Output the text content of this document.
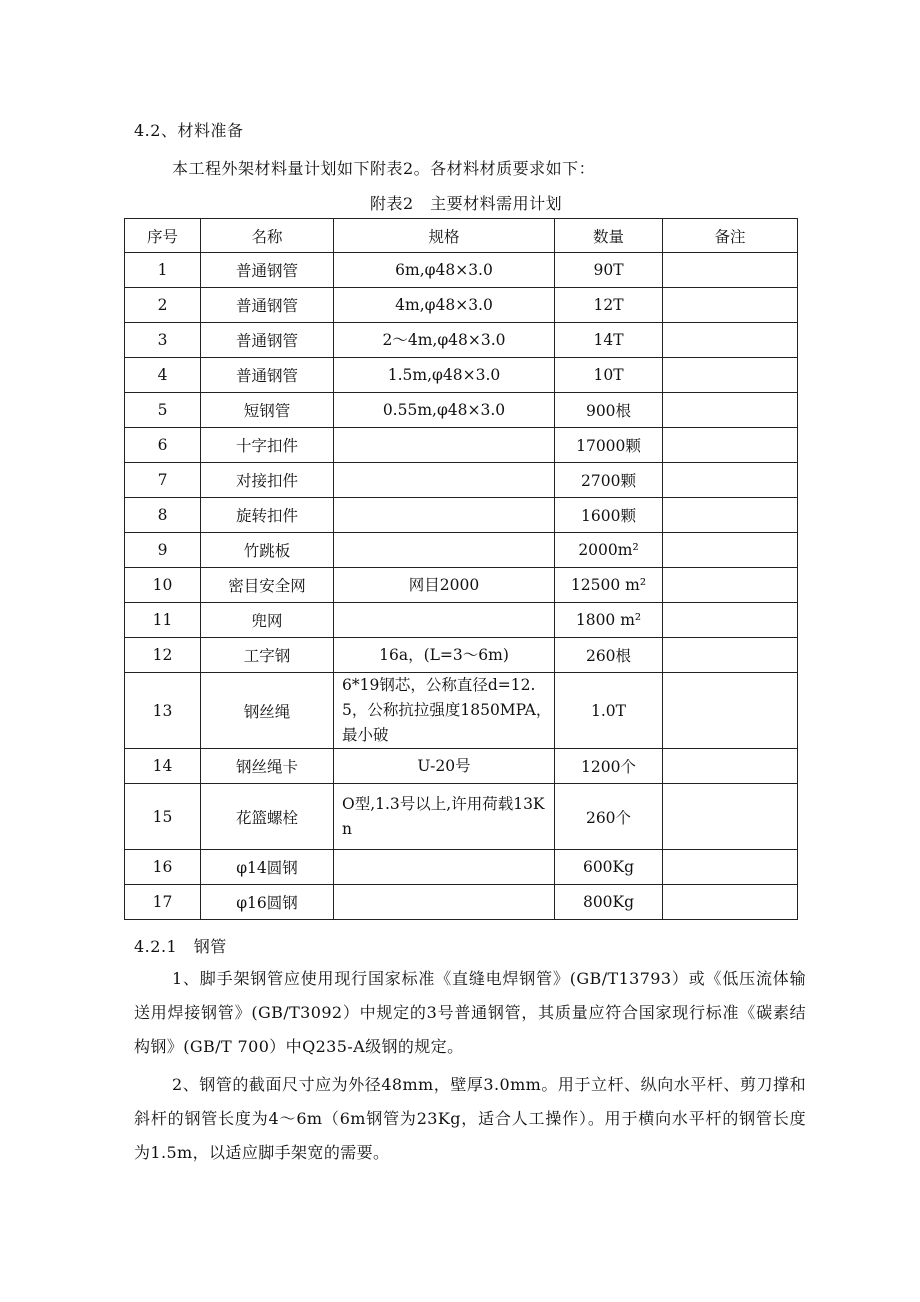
4.2、材料准备
本工程外架材料量计划如下附表2。各材料材质要求如下：
附表2　主要材料需用计划
序号	名称	规格	数量	备注
1	普通钢管	6m,φ48×3.0	90T	
2	普通钢管	4m,φ48×3.0	12T	
3	普通钢管	2～4m,φ48×3.0	14T	
4	普通钢管	1.5m,φ48×3.0	10T	
5	短钢管	0.55m,φ48×3.0	900根	
6	十字扣件		17000颗	
7	对接扣件		2700颗	
8	旋转扣件		1600颗	
9	竹跳板		2000m²	
10	密目安全网	网目2000	12500 m²	
11	兜网		1800 m²	
12	工字钢	16a，(L=3～6m)	260根	
13	钢丝绳	6*19钢芯，公称直径d=12.5，公称抗拉强度1850MPA，最小破	1.0T	
14	钢丝绳卡	U-20号	1200个	
15	花篮螺栓	O型,1.3号以上,许用荷载13Kn	260个	
16	φ14圆钢		600Kg	
17	φ16圆钢		800Kg	
4.2.1　钢管
1、脚手架钢管应使用现行国家标准《直缝电焊钢管》(GB/T13793）或《低压流体输送用焊接钢管》(GB/T3092）中规定的3号普通钢管，其质量应符合国家现行标准《碳素结构钢》(GB/T 700）中Q235-A级钢的规定。
2、钢管的截面尺寸应为外径48mm，壁厚3.0mm。用于立杆、纵向水平杆、剪刀撑和斜杆的钢管长度为4～6m（6m钢管为23Kg，适合人工操作）。用于横向水平杆的钢管长度为1.5m，以适应脚手架宽的需要。
